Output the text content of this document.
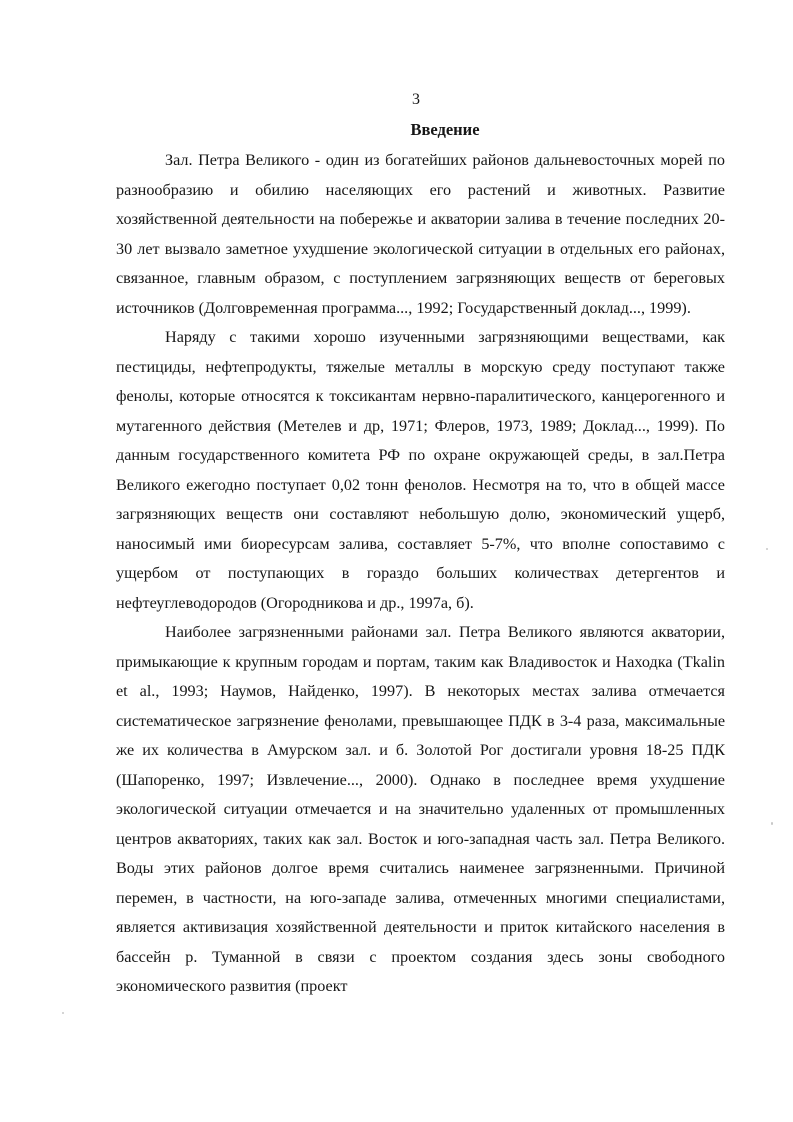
3
Введение

Зал. Петра Великого - один из богатейших районов дальневосточных морей по разнообразию и обилию населяющих его растений и животных. Развитие хозяйственной деятельности на побережье и акватории залива в течение последних 20-30 лет вызвало заметное ухудшение экологической ситуации в отдельных его районах, связанное, главным образом, с поступлением загрязняющих веществ от береговых источников (Долговременная программа..., 1992; Государственный доклад..., 1999).

Наряду с такими хорошо изученными загрязняющими веществами, как пестициды, нефтепродукты, тяжелые металлы в морскую среду поступают также фенолы, которые относятся к токсикантам нервно-паралитического, канцерогенного и мутагенного действия (Метелев и др, 1971; Флеров, 1973, 1989; Доклад..., 1999). По данным государственного комитета РФ по охране окружающей среды, в зал.Петра Великого ежегодно поступает 0,02 тонн фенолов. Несмотря на то, что в общей массе загрязняющих веществ они составляют небольшую долю, экономический ущерб, наносимый ими биоресурсам залива, составляет 5-7%, что вполне сопоставимо с ущербом от поступающих в гораздо больших количествах детергентов и нефтеуглеводородов (Огородникова и др., 1997а, б).

Наиболее загрязненными районами зал. Петра Великого являются акватории, примыкающие к крупным городам и портам, таким как Владивосток и Находка (Tkalin et al., 1993; Наумов, Найденко, 1997). В некоторых местах залива отмечается систематическое загрязнение фенолами, превышающее ПДК в 3-4 раза, максимальные же их количества в Амурском зал. и б. Золотой Рог достигали уровня 18-25 ПДК (Шапоренко, 1997; Извлечение..., 2000). Однако в последнее время ухудшение экологической ситуации отмечается и на значительно удаленных от промышленных центров акваториях, таких как зал. Восток и юго-западная часть зал. Петра Великого. Воды этих районов долгое время считались наименее загрязненными. Причиной перемен, в частности, на юго-западе залива, отмеченных многими специалистами, является активизация хозяйственной деятельности и приток китайского населения в бассейн р. Туманной в связи с проектом создания здесь зоны свободного экономического развития (проект
